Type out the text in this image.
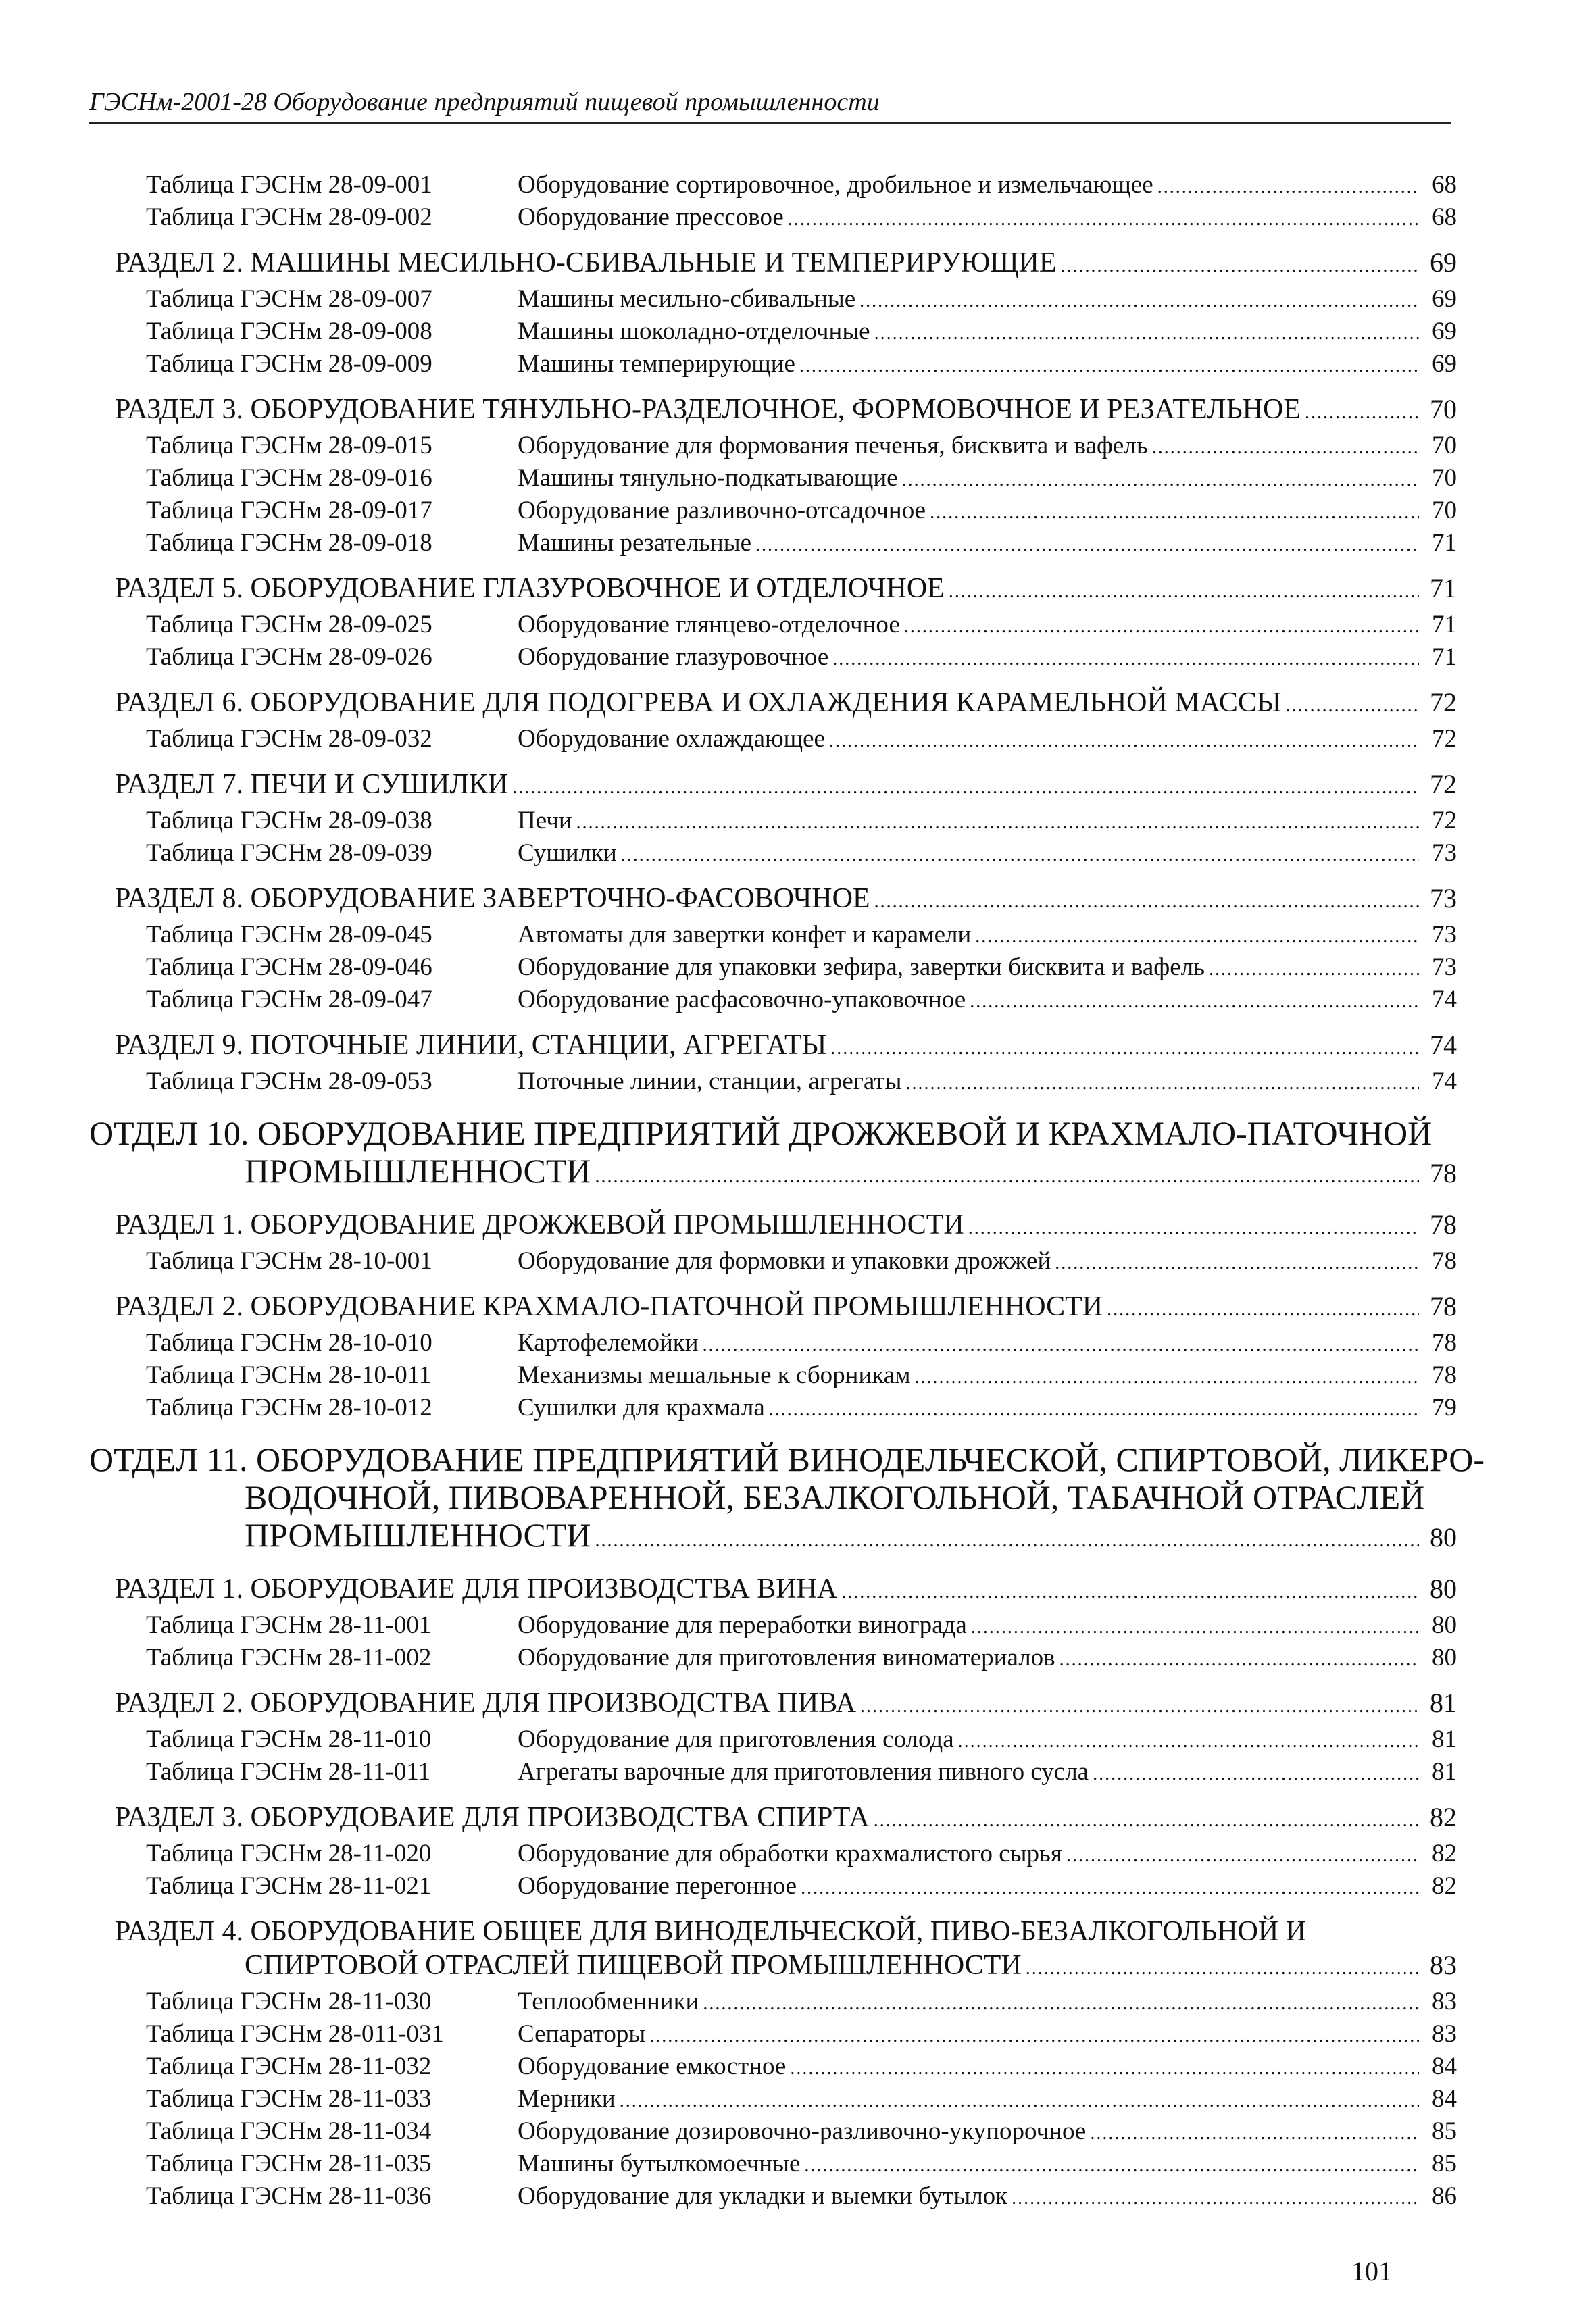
ГЭСНм-2001-28 Оборудование предприятий пищевой промышленности
Таблица ГЭСНм 28-09-001	Оборудование сортировочное, дробильное и измельчающее .....	68
Таблица ГЭСНм 28-09-002	Оборудование прессовое .....	68
РАЗДЕЛ 2. МАШИНЫ МЕСИЛЬНО-СБИВАЛЬНЫЕ И ТЕМПЕРИРУЮЩИЕ .....	69
Таблица ГЭСНм 28-09-007	Машины месильно-сбивальные .....	69
Таблица ГЭСНм 28-09-008	Машины шоколадно-отделочные .....	69
Таблица ГЭСНм 28-09-009	Машины темперирующие .....	69
РАЗДЕЛ 3. ОБОРУДОВАНИЕ ТЯНУЛЬНО-РАЗДЕЛОЧНОЕ, ФОРМОВОЧНОЕ И РЕЗАТЕЛЬНОЕ .....	70
Таблица ГЭСНм 28-09-015	Оборудование для формования печенья, бисквита и вафель .....	70
Таблица ГЭСНм 28-09-016	Машины тянульно-подкатывающие .....	70
Таблица ГЭСНм 28-09-017	Оборудование разливочно-отсадочное .....	70
Таблица ГЭСНм 28-09-018	Машины резательные .....	71
РАЗДЕЛ 5. ОБОРУДОВАНИЕ ГЛАЗУРОВОЧНОЕ И ОТДЕЛОЧНОЕ .....	71
Таблица ГЭСНм 28-09-025	Оборудование глянцево-отделочное .....	71
Таблица ГЭСНм 28-09-026	Оборудование глазуровочное .....	71
РАЗДЕЛ 6. ОБОРУДОВАНИЕ ДЛЯ ПОДОГРЕВА И ОХЛАЖДЕНИЯ КАРАМЕЛЬНОЙ МАССЫ .....	72
Таблица ГЭСНм 28-09-032	Оборудование охлаждающее .....	72
РАЗДЕЛ 7. ПЕЧИ И СУШИЛКИ .....	72
Таблица ГЭСНм 28-09-038	Печи .....	72
Таблица ГЭСНм 28-09-039	Сушилки .....	73
РАЗДЕЛ 8. ОБОРУДОВАНИЕ ЗАВЕРТОЧНО-ФАСОВОЧНОЕ .....	73
Таблица ГЭСНм 28-09-045	Автоматы для завертки конфет и карамели .....	73
Таблица ГЭСНм 28-09-046	Оборудование для упаковки зефира, завертки бисквита и вафель .....	73
Таблица ГЭСНм 28-09-047	Оборудование расфасовочно-упаковочное .....	74
РАЗДЕЛ 9. ПОТОЧНЫЕ ЛИНИИ, СТАНЦИИ, АГРЕГАТЫ .....	74
Таблица ГЭСНм 28-09-053	Поточные линии, станции, агрегаты .....	74
ОТДЕЛ 10. ОБОРУДОВАНИЕ ПРЕДПРИЯТИЙ ДРОЖЖЕВОЙ И КРАХМАЛО-ПАТОЧНОЙ
ПРОМЫШЛЕННОСТИ .....	78
РАЗДЕЛ 1. ОБОРУДОВАНИЕ ДРОЖЖЕВОЙ ПРОМЫШЛЕННОСТИ .....	78
Таблица ГЭСНм 28-10-001	Оборудование для формовки и упаковки дрожжей .....	78
РАЗДЕЛ 2. ОБОРУДОВАНИЕ КРАХМАЛО-ПАТОЧНОЙ ПРОМЫШЛЕННОСТИ .....	78
Таблица ГЭСНм 28-10-010	Картофелемойки .....	78
Таблица ГЭСНм 28-10-011	Механизмы мешальные к сборникам .....	78
Таблица ГЭСНм 28-10-012	Сушилки для крахмала .....	79
ОТДЕЛ 11. ОБОРУДОВАНИЕ ПРЕДПРИЯТИЙ ВИНОДЕЛЬЧЕСКОЙ, СПИРТОВОЙ, ЛИКЕРО-
ВОДОЧНОЙ, ПИВОВАРЕННОЙ, БЕЗАЛКОГОЛЬНОЙ, ТАБАЧНОЙ ОТРАСЛЕЙ
ПРОМЫШЛЕННОСТИ .....	80
РАЗДЕЛ 1. ОБОРУДОВАИЕ ДЛЯ ПРОИЗВОДСТВА ВИНА .....	80
Таблица ГЭСНм 28-11-001	Оборудование для переработки винограда .....	80
Таблица ГЭСНм 28-11-002	Оборудование для приготовления виноматериалов .....	80
РАЗДЕЛ 2. ОБОРУДОВАНИЕ ДЛЯ ПРОИЗВОДСТВА ПИВА .....	81
Таблица ГЭСНм 28-11-010	Оборудование для приготовления солода .....	81
Таблица ГЭСНм 28-11-011	Агрегаты варочные для приготовления пивного сусла .....	81
РАЗДЕЛ 3. ОБОРУДОВАИЕ ДЛЯ ПРОИЗВОДСТВА СПИРТА .....	82
Таблица ГЭСНм 28-11-020	Оборудование для обработки крахмалистого сырья .....	82
Таблица ГЭСНм 28-11-021	Оборудование перегонное .....	82
РАЗДЕЛ 4. ОБОРУДОВАНИЕ ОБЩЕЕ ДЛЯ ВИНОДЕЛЬЧЕСКОЙ, ПИВО-БЕЗАЛКОГОЛЬНОЙ И
СПИРТОВОЙ ОТРАСЛЕЙ ПИЩЕВОЙ ПРОМЫШЛЕННОСТИ .....	83
Таблица ГЭСНм 28-11-030	Теплообменники .....	83
Таблица ГЭСНм 28-011-031	Сепараторы .....	83
Таблица ГЭСНм 28-11-032	Оборудование емкостное .....	84
Таблица ГЭСНм 28-11-033	Мерники .....	84
Таблица ГЭСНм 28-11-034	Оборудование дозировочно-разливочно-укупорочное .....	85
Таблица ГЭСНм 28-11-035	Машины бутылкомоечные .....	85
Таблица ГЭСНм 28-11-036	Оборудование для укладки и выемки бутылок .....	86
101
